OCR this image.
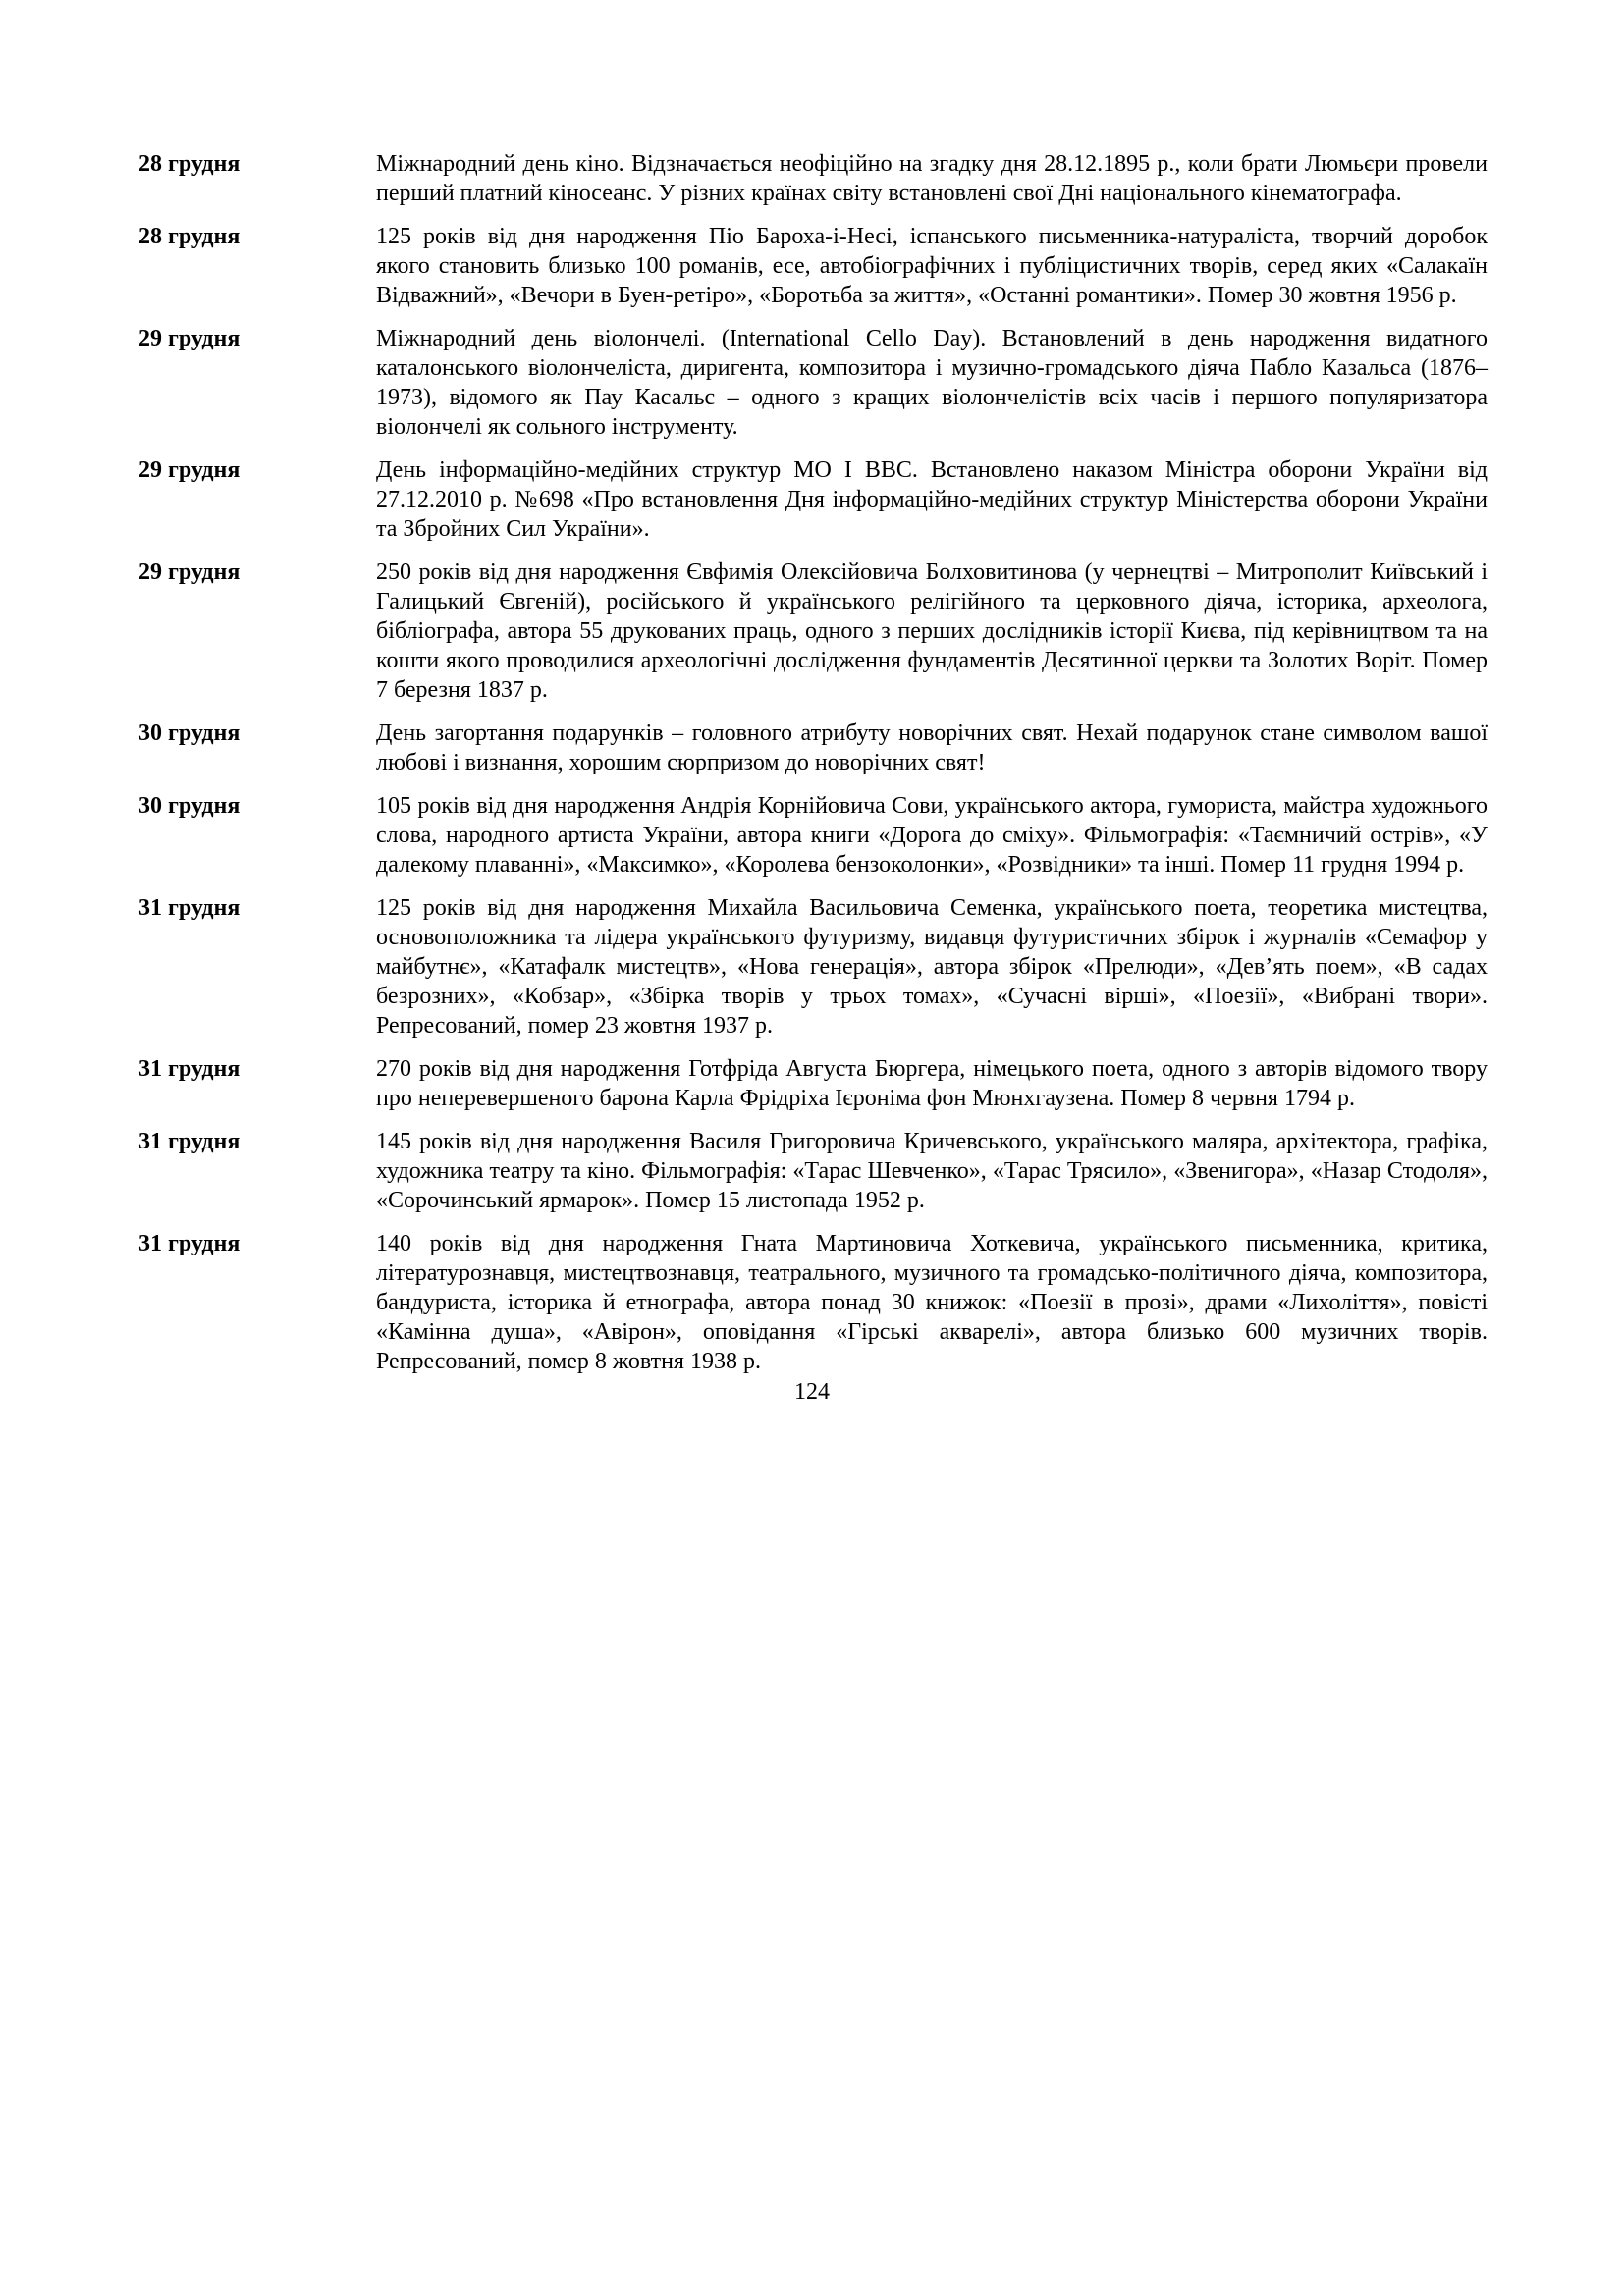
28 грудня	Міжнародний день кіно. Відзначається неофіційно на згадку дня 28.12.1895 р., коли брати Люмьєри провели перший платний кіносеанс. У різних країнах світу встановлені свої Дні національного кінематографа.
28 грудня	125 років від дня народження Піо Бароха-і-Несі, іспанського письменника-натураліста, творчий доробок якого становить близько 100 романів, есе, автобіографічних і публіцистичних творів, серед яких «Салакаїн Відважний», «Вечори в Буен-ретіро», «Боротьба за життя», «Останні романтики». Помер 30 жовтня 1956 р.
29 грудня	Міжнародний день віолончелі. (International Cello Day). Встановлений в день народження видатного каталонського віолончеліста, диригента, композитора і музично-громадського діяча Пабло Казальса (1876–1973), відомого як Пау Касальс – одного з кращих віолончелістів всіх часів і першого популяризатора віолончелі як сольного інструменту.
29 грудня	День інформаційно-медійних структур МО І ВВС. Встановлено наказом Міністра оборони України від 27.12.2010 р. №698 «Про встановлення Дня інформаційно-медійних структур Міністерства оборони України та Збройних Сил України».
29 грудня	250 років від дня народження Євфимія Олексійовича Болховитинова (у чернецтві – Митрополит Київський і Галицький Євгеній), російського й українського релігійного та церковного діяча, історика, археолога, бібліографа, автора 55 друкованих праць, одного з перших дослідників історії Києва, під керівництвом та на кошти якого проводилися археологічні дослідження фундаментів Десятинної церкви та Золотих Воріт. Помер 7 березня 1837 р.
30 грудня	День загортання подарунків – головного атрибуту новорічних свят. Нехай подарунок стане символом вашої любові і визнання, хорошим сюрпризом до новорічних свят!
30 грудня	105 років від дня народження Андрія Корнійовича Сови, українського актора, гумориста, майстра художнього слова, народного артиста України, автора книги «Дорога до сміху». Фільмографія: «Таємничий острів», «У далекому плаванні», «Максимко», «Королева бензоколонки», «Розвідники» та інші. Помер 11 грудня 1994 р.
31 грудня	125 років від дня народження Михайла Васильовича Семенка, українського поета, теоретика мистецтва, основоположника та лідера українського футуризму, видавця футуристичних збірок і журналів «Семафор у майбутнє», «Катафалк мистецтв», «Нова генерація», автора збірок «Прелюди», «Дев’ять поем», «В садах безрозних», «Кобзар», «Збірка творів у трьох томах», «Сучасні вірші», «Поезії», «Вибрані твори». Репресований, помер 23 жовтня 1937 р.
31 грудня	270 років від дня народження Готфріда Августа Бюргера, німецького поета, одного з авторів відомого твору про неперевершеного барона Карла Фрідріха Ієроніма фон Мюнхгаузена. Помер 8 червня 1794 р.
31 грудня	145 років від дня народження Василя Григоровича Кричевського, українського маляра, архітектора, графіка, художника театру та кіно. Фільмографія: «Тарас Шевченко», «Тарас Трясило», «Звенигора», «Назар Стодоля», «Сорочинський ярмарок». Помер 15 листопада 1952 р.
31 грудня	140 років від дня народження Гната Мартиновича Хоткевича, українського письменника, критика, літературознавця, мистецтвознавця, театрального, музичного та громадсько-політичного діяча, композитора, бандуриста, історика й етнографа, автора понад 30 книжок: «Поезії в прозі», драми «Лихоліття», повісті «Камінна душа», «Авірон», оповідання «Гірські акварелі», автора близько 600 музичних творів. Репресований, помер 8 жовтня 1938 р.
124
